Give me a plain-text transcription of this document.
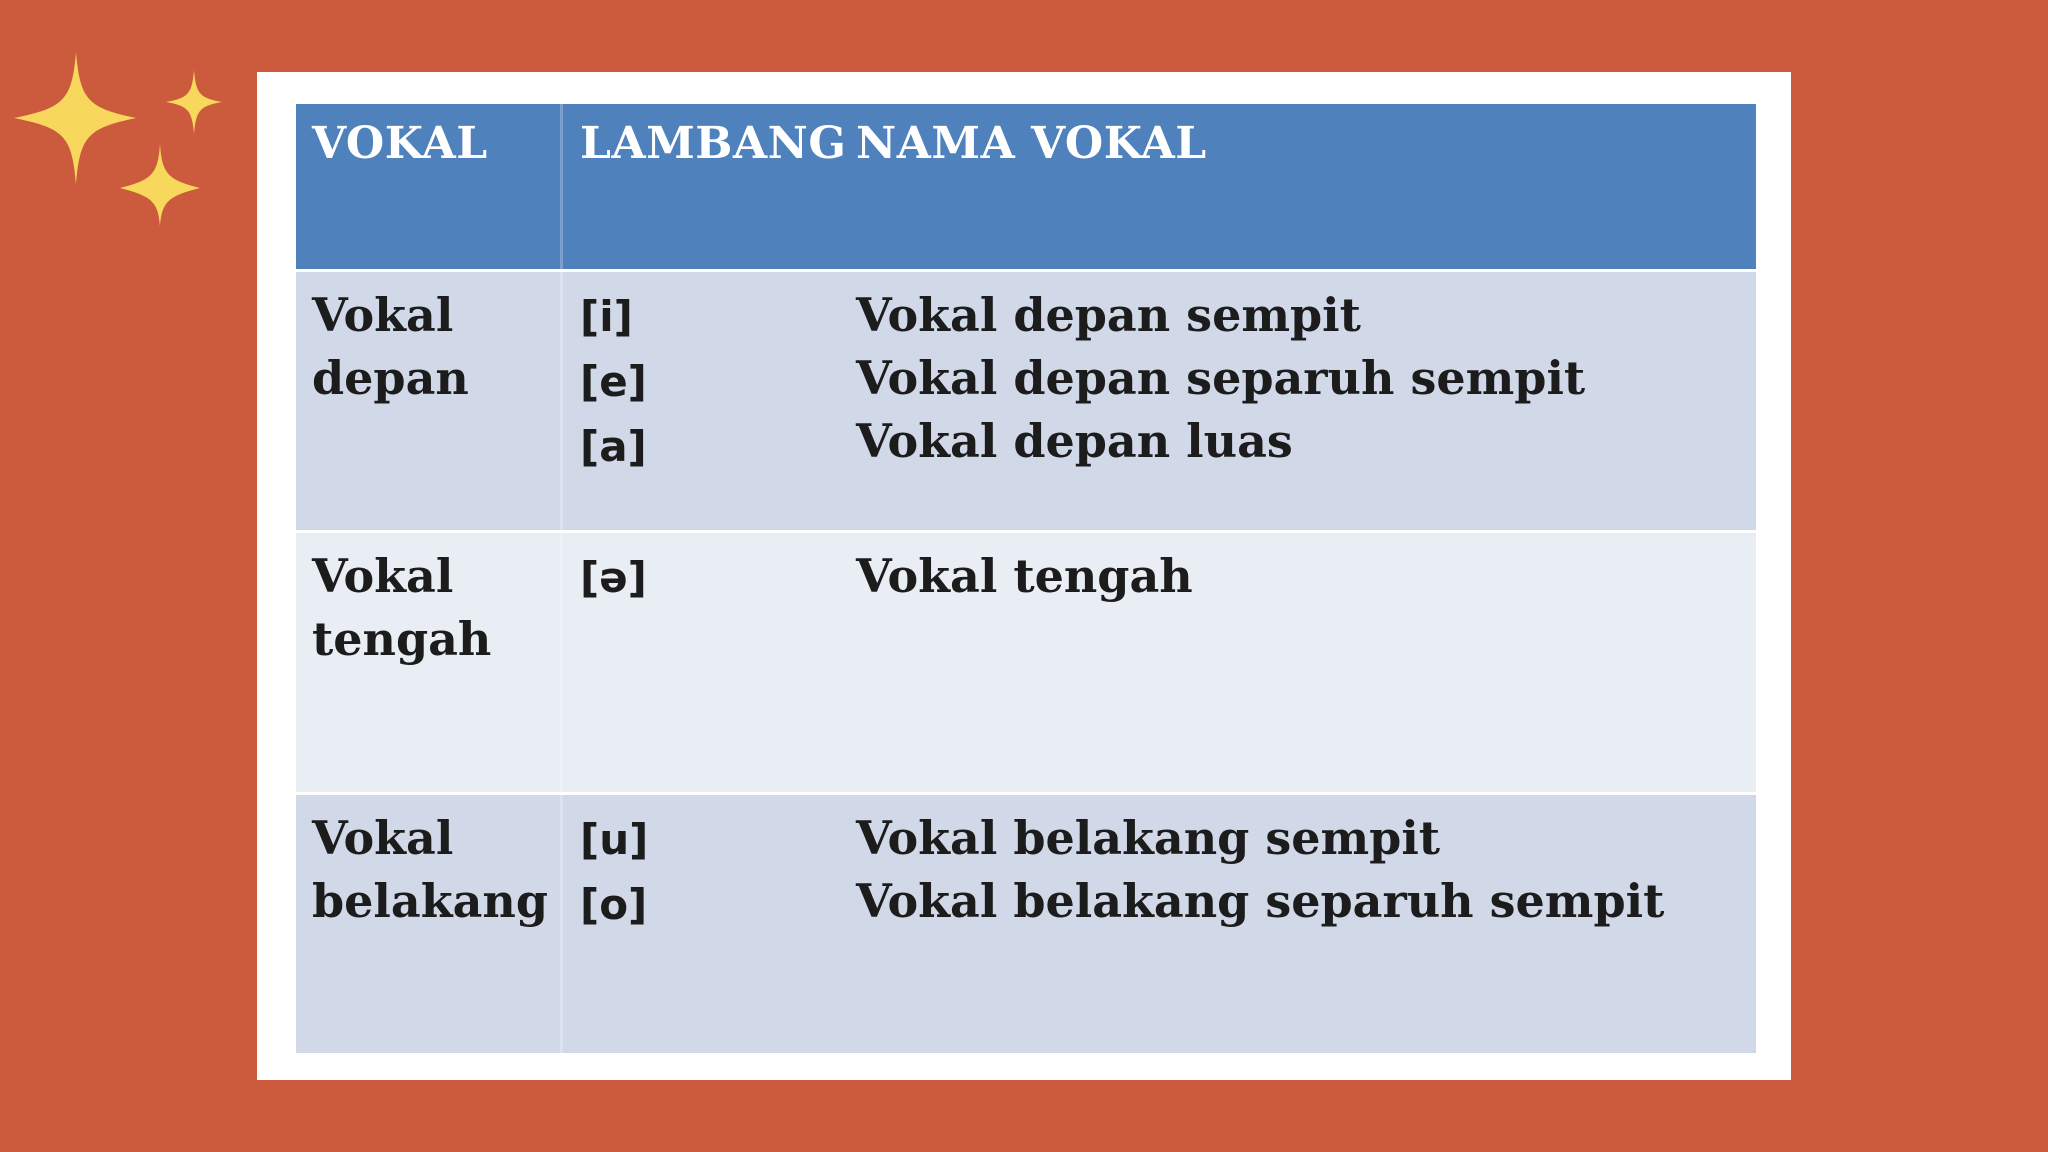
VOKAL	LAMBANG NAMA VOKAL
Vokal
depan
[i]
[e]
[a]
Vokal depan sempit
Vokal depan separuh sempit
Vokal depan luas
Vokal
tengah
[ə]	Vokal tengah
Vokal
belakang
[u]
[o]
Vokal belakang sempit
Vokal belakang separuh sempit
